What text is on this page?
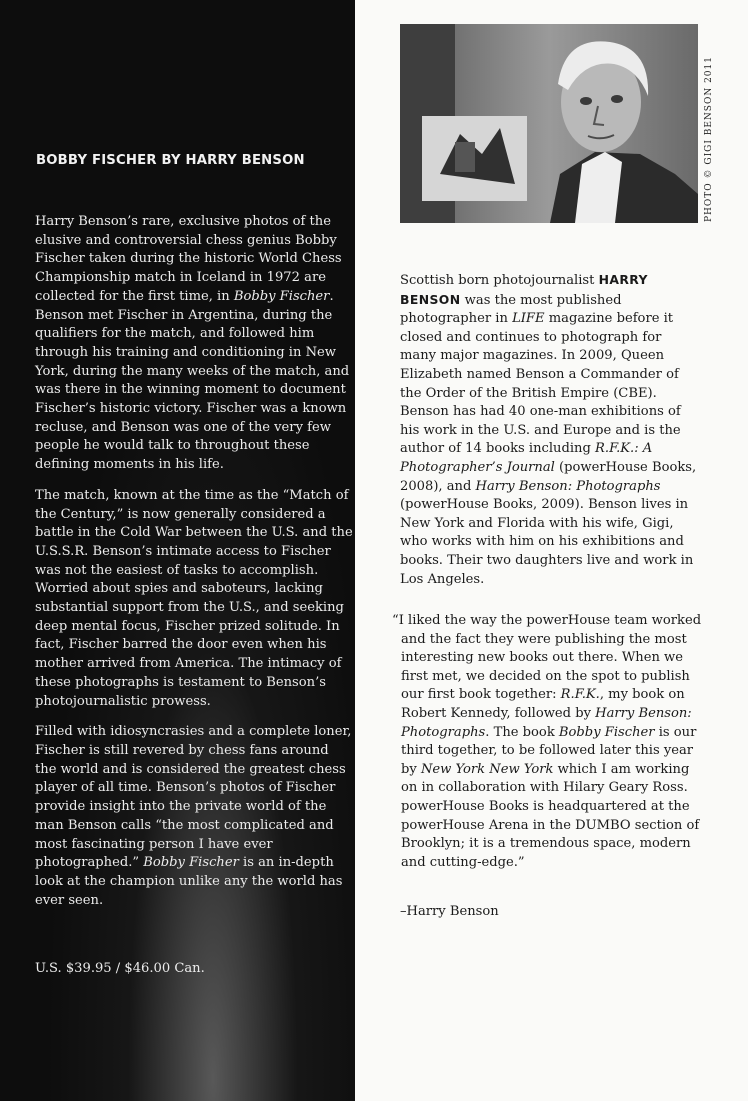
BOBBY FISCHER BY HARRY BENSON

Harry Benson’s rare, exclusive photos of the elusive and controversial chess genius Bobby Fischer taken during the historic World Chess Championship match in Iceland in 1972 are collected for the first time, in Bobby Fischer. Benson met Fischer in Argentina, during the qualifiers for the match, and followed him through his training and conditioning in New York, during the many weeks of the match, and was there in the winning moment to document Fischer’s historic victory. Fischer was a known recluse, and Benson was one of the very few people he would talk to throughout these defining moments in his life.

The match, known at the time as the “Match of the Century,” is now generally considered a battle in the Cold War between the U.S. and the U.S.S.R. Benson’s intimate access to Fischer was not the easiest of tasks to accomplish. Worried about spies and saboteurs, lacking substantial support from the U.S., and seeking deep mental focus, Fischer prized solitude. In fact, Fischer barred the door even when his mother arrived from America. The intimacy of these photographs is testament to Benson’s photojournalistic prowess.

Filled with idiosyncrasies and a complete loner, Fischer is still revered by chess fans around the world and is considered the greatest chess player of all time. Benson’s photos of Fischer provide insight into the private world of the man Benson calls “the most complicated and most fascinating person I have ever photographed.” Bobby Fischer is an in-depth look at the champion unlike any the world has ever seen.

U.S. $39.95 / $46.00 Can.
PHOTO © GIGI BENSON 2011
Scottish born photojournalist HARRY BENSON was the most published photographer in LIFE magazine before it closed and continues to photograph for many major magazines. In 2009, Queen Elizabeth named Benson a Commander of the Order of the British Empire (CBE). Benson has had 40 one-man exhibitions of his work in the U.S. and Europe and is the author of 14 books including R.F.K.: A Photographer’s Journal (powerHouse Books, 2008), and Harry Benson: Photographs (powerHouse Books, 2009). Benson lives in New York and Florida with his wife, Gigi, who works with him on his exhibitions and books. Their two daughters live and work in Los Angeles.

“I liked the way the powerHouse team worked and the fact they were publishing the most interesting new books out there. When we first met, we decided on the spot to publish our first book together: R.F.K., my book on Robert Kennedy, followed by Harry Benson: Photographs. The book Bobby Fischer is our third together, to be followed later this year by New York New York which I am working on in collaboration with Hilary Geary Ross. powerHouse Books is headquartered at the powerHouse Arena in the DUMBO section of Brooklyn; it is a tremendous space, modern and cutting-edge.”

–Harry Benson
